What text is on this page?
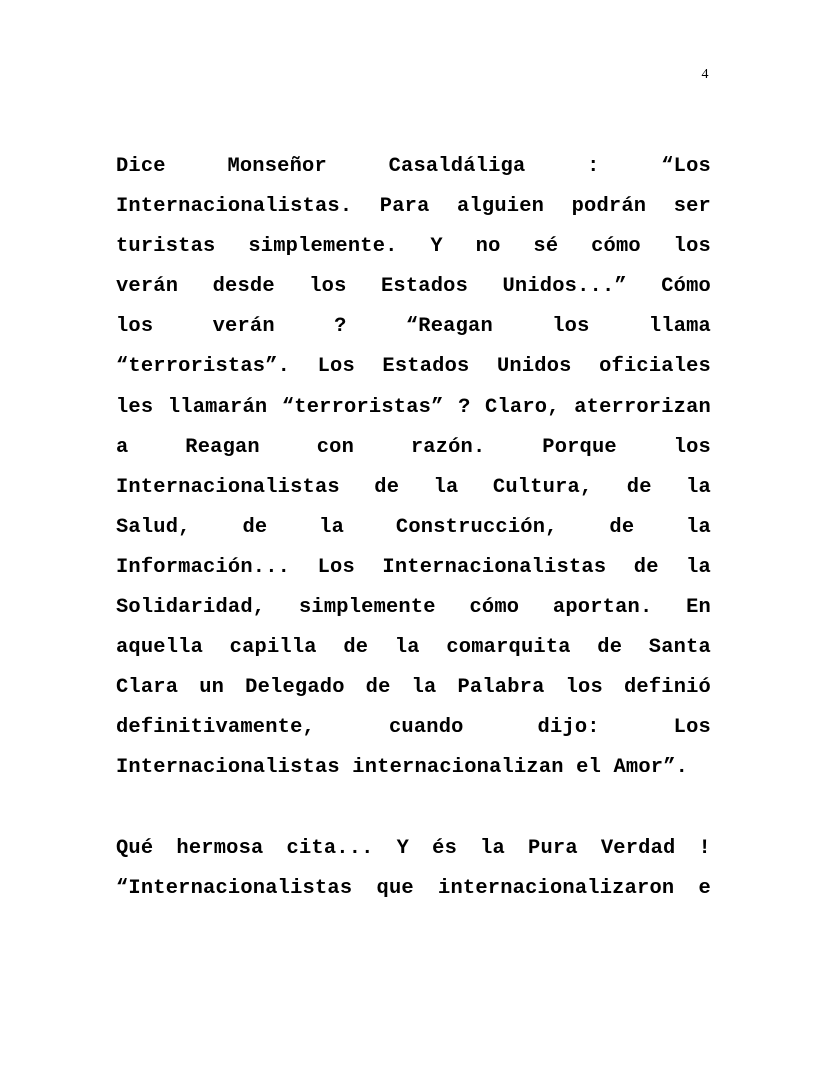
4
Dice Monseñor Casaldáliga : “Los
Internacionalistas. Para alguien podrán ser
turistas simplemente. Y no sé cómo los
verán desde los Estados Unidos...” Cómo
los verán ? “Reagan los llama
“terroristas”. Los Estados Unidos oficiales
les llamarán “terroristas” ? Claro, aterrorizan
a Reagan con razón. Porque los
Internacionalistas de la Cultura, de la
Salud, de la Construcción, de la
Información... Los Internacionalistas de la
Solidaridad, simplemente cómo aportan. En
aquella capilla de la comarquita de Santa
Clara un Delegado de la Palabra los definió
definitivamente, cuando dijo: Los
Internacionalistas internacionalizan el Amor”.
Qué hermosa cita... Y és la Pura Verdad !
“Internacionalistas que internacionalizaron e
